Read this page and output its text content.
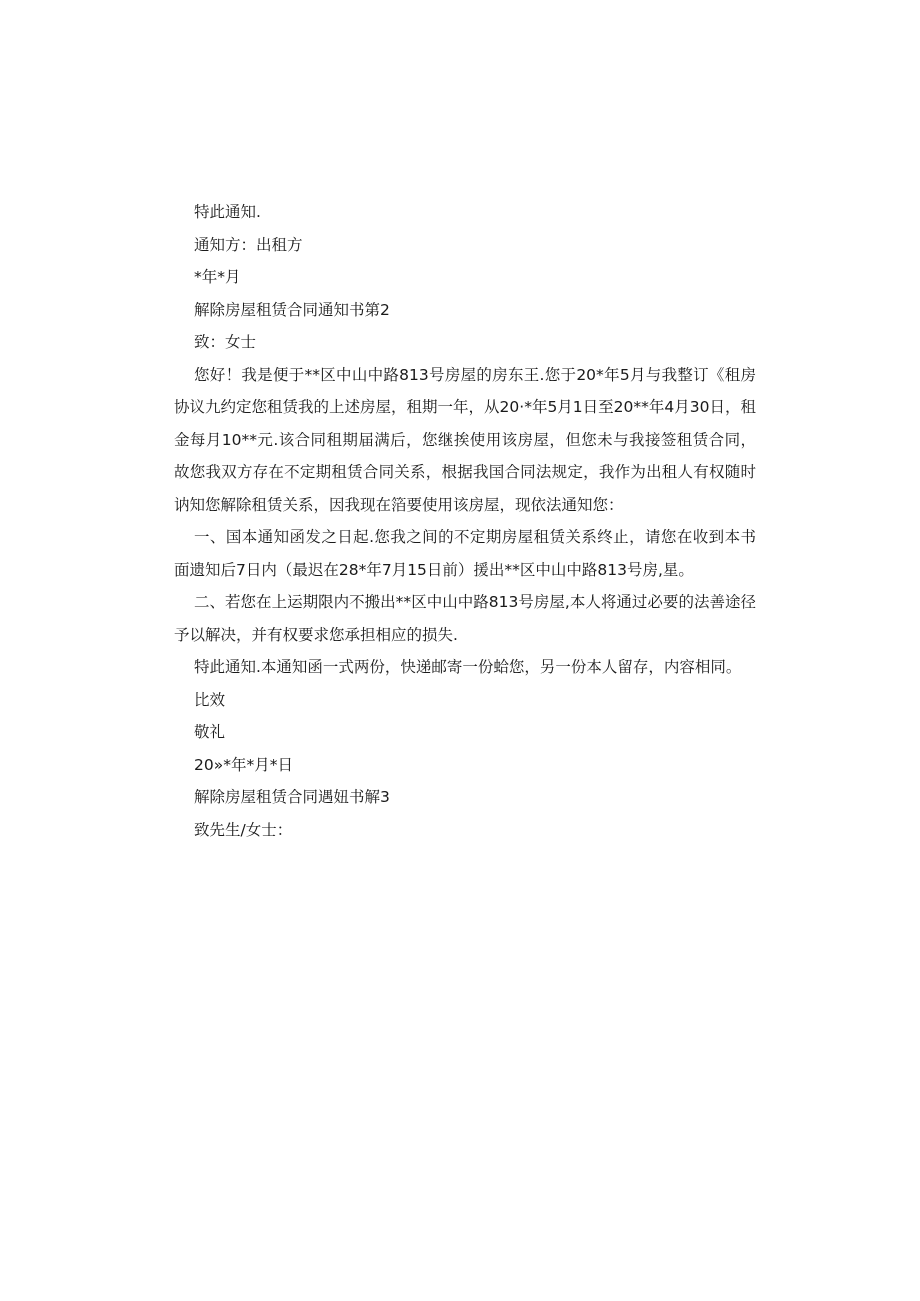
特此通知.
通知方：出租方
*年*月
解除房屋租赁合同通知书第2
致：女士

您好！我是便于**区中山中路813号房屋的房东王.您于20*年5月与我整订《租房协议九约定您租赁我的上述房屋，租期一年，从20·*年5月1日至20**年4月30日，租金每月10**元.该合同租期届满后，您继挨使用该房屋，但您未与我接签租赁合同，故您我双方存在不定期租赁合同关系，根据我国合同法规定，我作为出租人有权随时讷知您解除租赁关系，因我现在箔要使用该房屋，现依法通知您：

一、国本通知函发之日起.您我之间的不定期房屋租赁关系终止，请您在收到本书面遗知后7日内（最迟在28*年7月15日前）援出**区中山中路813号房,星。

二、若您在上运期限内不搬出**区中山中路813号房屋,本人将通过必要的法善途径予以解决，并有权要求您承担相应的损失.

特此通知.本通知函一式两份，快递邮寄一份蛤您，另一份本人留存，内容相同。

比效
敬礼
20»*年*月*日
解除房屋租赁合同遇妞书解3
致先生/女士：
